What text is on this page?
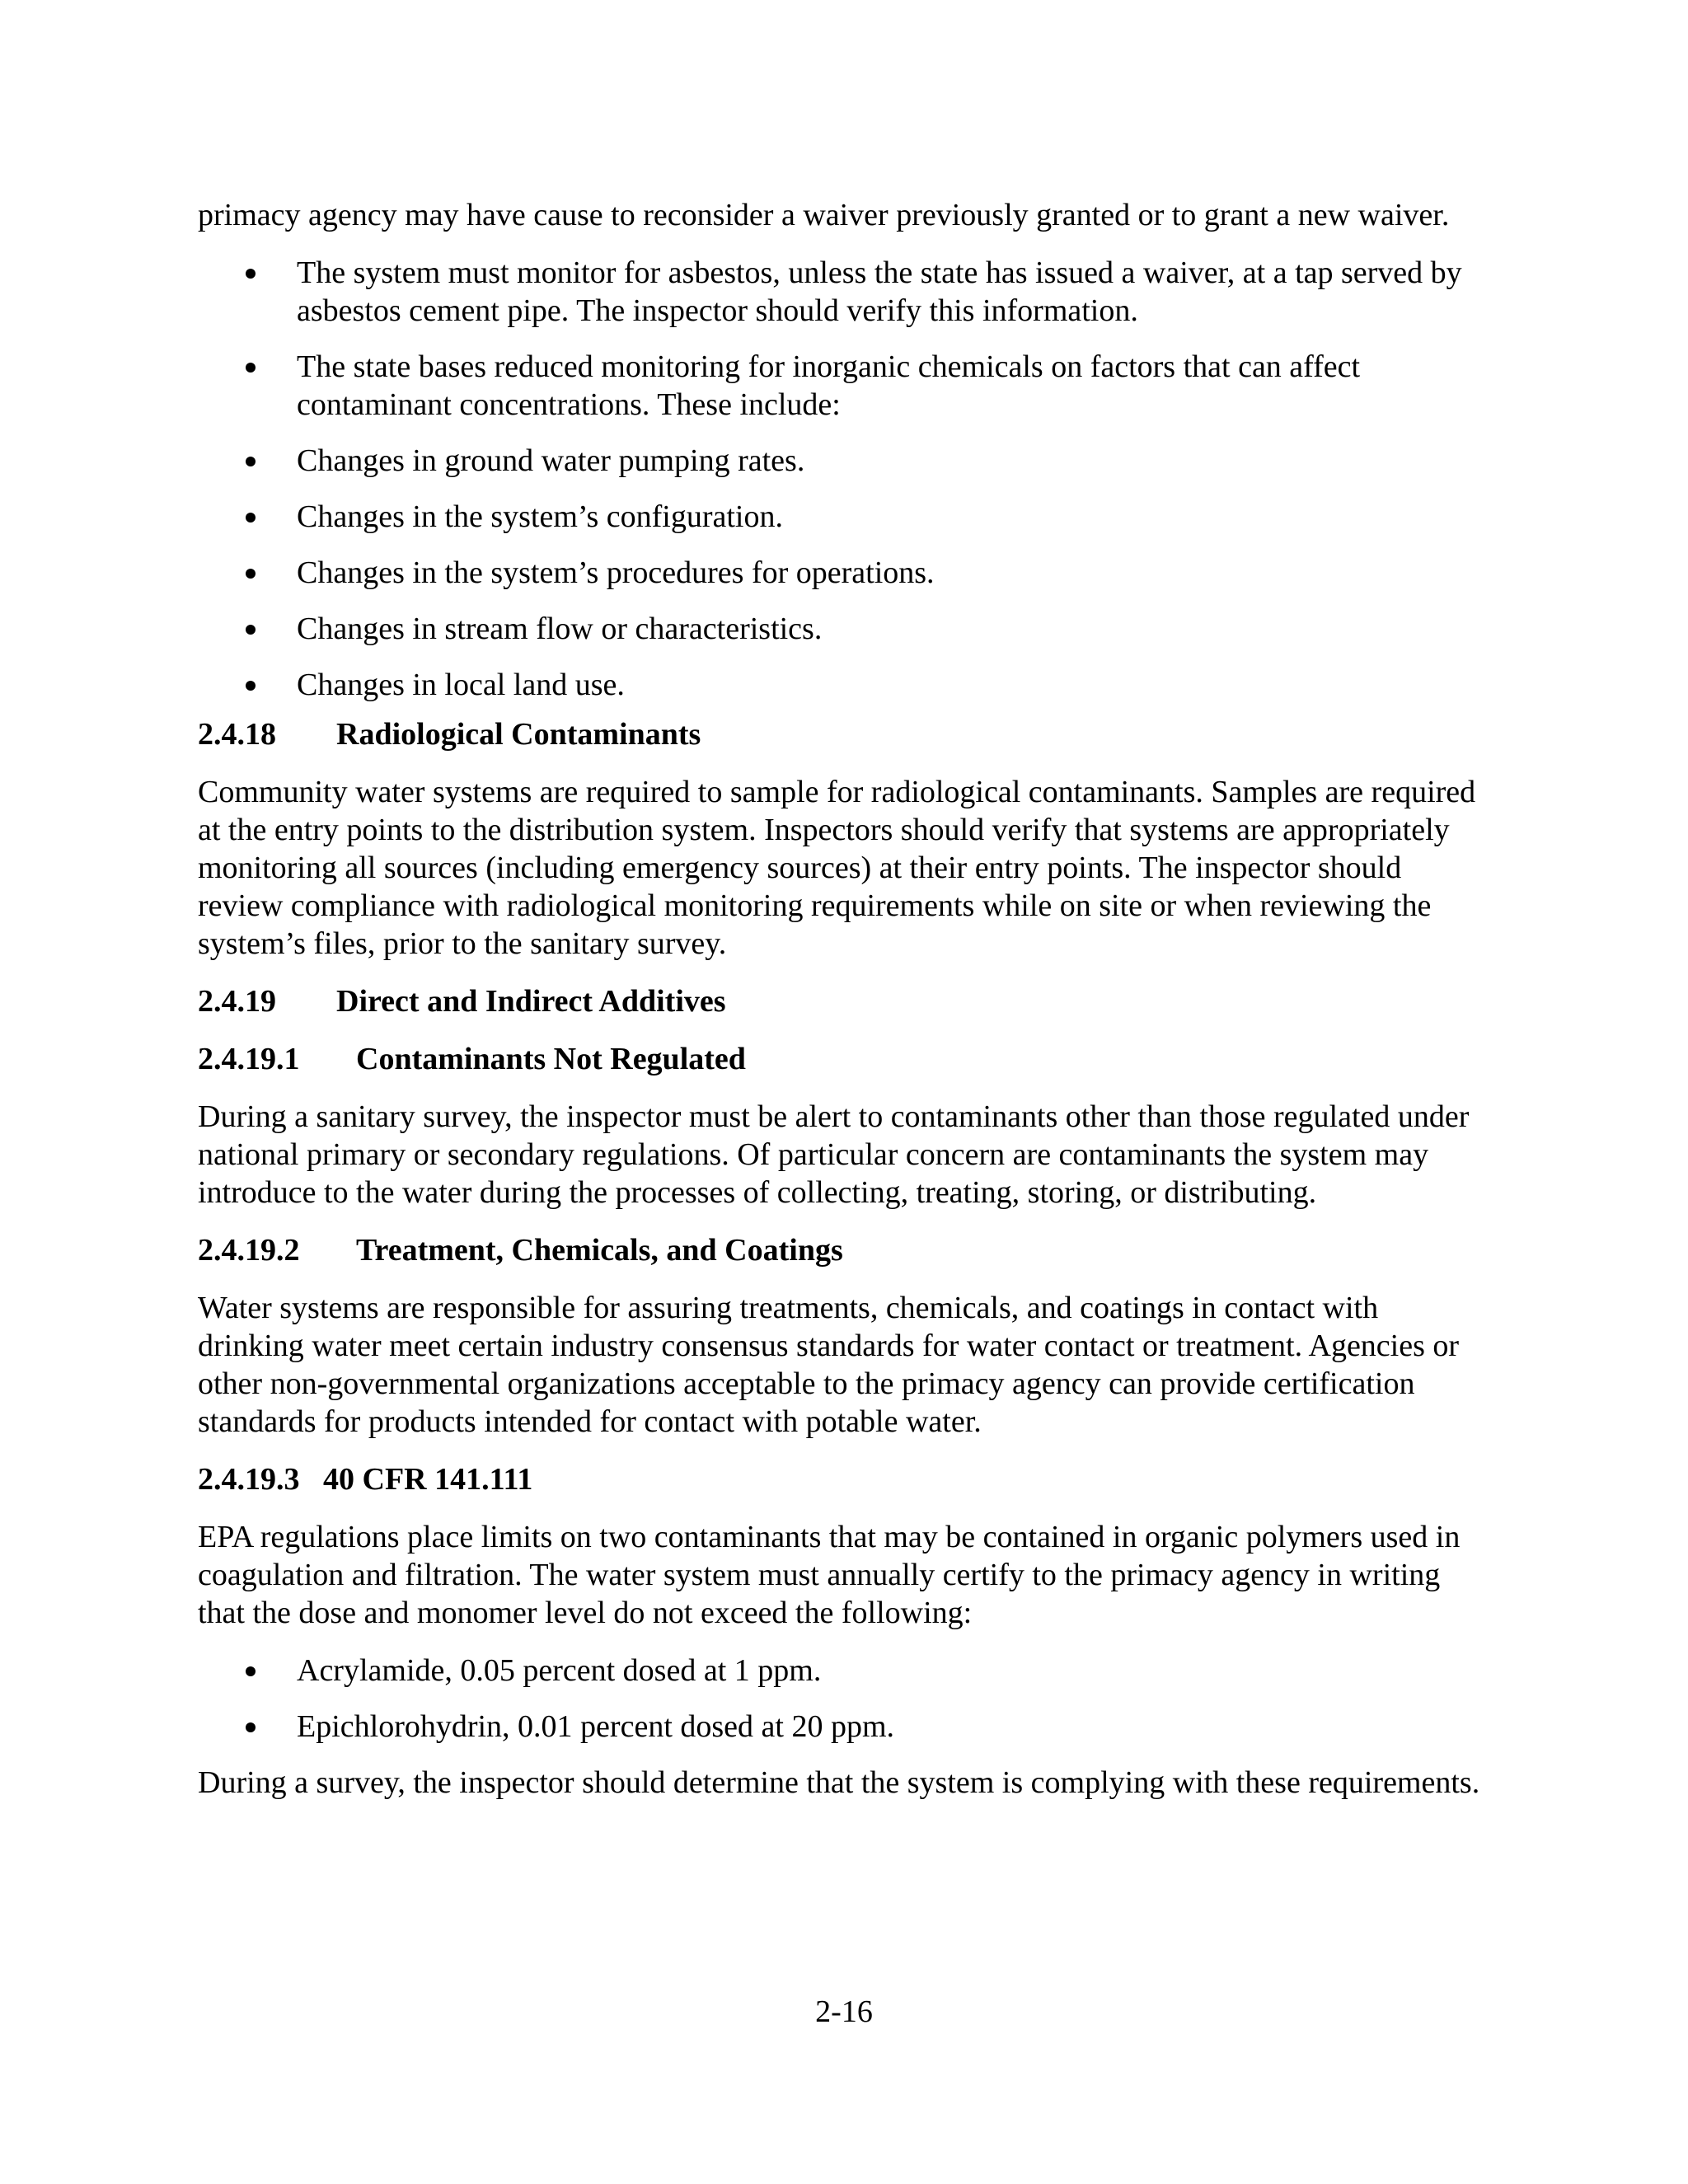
primacy agency may have cause to reconsider a waiver previously granted or to grant a new waiver.

The system must monitor for asbestos, unless the state has issued a waiver, at a tap served by asbestos cement pipe. The inspector should verify this information.
The state bases reduced monitoring for inorganic chemicals on factors that can affect contaminant concentrations. These include:
Changes in ground water pumping rates.
Changes in the system’s configuration.
Changes in the system’s procedures for operations.
Changes in stream flow or characteristics.
Changes in local land use.
2.4.18	Radiological Contaminants

Community water systems are required to sample for radiological contaminants. Samples are required at the entry points to the distribution system. Inspectors should verify that systems are appropriately monitoring all sources (including emergency sources) at their entry points. The inspector should review compliance with radiological monitoring requirements while on site or when reviewing the system’s files, prior to the sanitary survey.

2.4.19	Direct and Indirect Additives
2.4.19.1	Contaminants Not Regulated

During a sanitary survey, the inspector must be alert to contaminants other than those regulated under national primary or secondary regulations. Of particular concern are contaminants the system may introduce to the water during the processes of collecting, treating, storing, or distributing.

2.4.19.2	Treatment, Chemicals, and Coatings

Water systems are responsible for assuring treatments, chemicals, and coatings in contact with drinking water meet certain industry consensus standards for water contact or treatment. Agencies or other non-governmental organizations acceptable to the primacy agency can provide certification standards for products intended for contact with potable water.

2.4.19.3 40 CFR 141.111

EPA regulations place limits on two contaminants that may be contained in organic polymers used in coagulation and filtration. The water system must annually certify to the primacy agency in writing that the dose and monomer level do not exceed the following:

Acrylamide, 0.05 percent dosed at 1 ppm.
Epichlorohydrin, 0.01 percent dosed at 20 ppm.

During a survey, the inspector should determine that the system is complying with these requirements.

2-16
